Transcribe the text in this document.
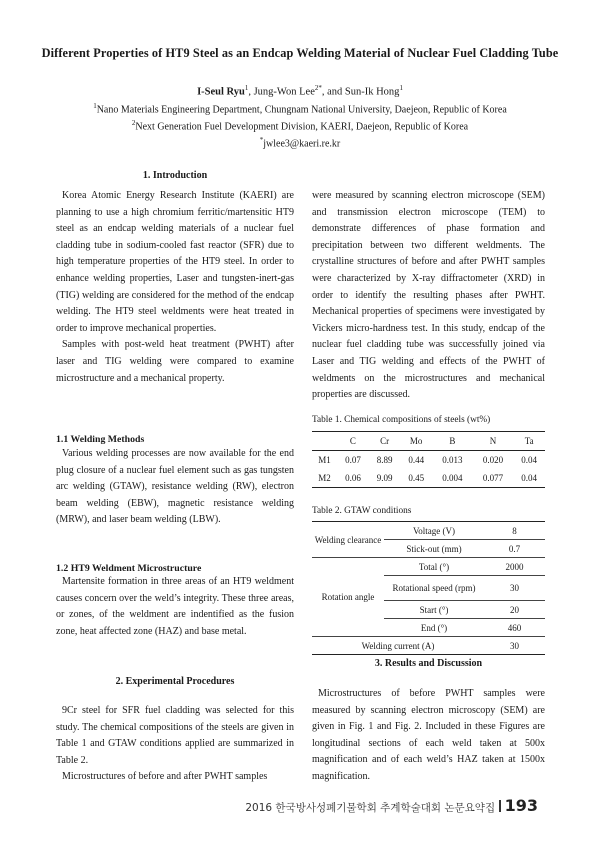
Different Properties of HT9 Steel as an Endcap Welding Material of Nuclear Fuel Cladding Tube
I-Seul Ryu$^1$, Jung-Won Lee$^{2*}$, and Sun-Ik Hong$^1$
$^1$Nano Materials Engineering Department, Chungnam National University, Daejeon, Republic of Korea
$^2$Next Generation Fuel Development Division, KAERI, Daejeon, Republic of Korea
*jwlee3@kaeri.re.kr
1. Introduction

Korea Atomic Energy Research Institute (KAERI) are planning to use a high chromium ferritic/martensitic HT9 steel as an endcap welding materials of a nuclear fuel cladding tube in sodium-cooled fast reactor (SFR) due to high temperature properties of the HT9 steel. In order to enhance welding properties, Laser and tungsten-inert-gas (TIG) welding are considered for the method of the endcap welding. The HT9 steel weldments were heat treated in order to improve mechanical properties.

Samples with post-weld heat treatment (PWHT) after laser and TIG welding were compared to examine microstructure and a mechanical property.

1.1 Welding Methods

Various welding processes are now available for the end plug closure of a nuclear fuel element such as gas tungsten arc welding (GTAW), resistance welding (RW), electron beam welding (EBW), magnetic resistance welding (MRW), and laser beam welding (LBW).

1.2 HT9 Weldment Microstructure

Martensite formation in three areas of an HT9 weldment causes concern over the weld’s integrity. These three areas, or zones, of the weldment are indentified as the fusion zone, heat affected zone (HAZ) and base metal.

2. Experimental Procedures

9Cr steel for SFR fuel cladding was selected for this study. The chemical compositions of the steels are given in Table 1 and GTAW conditions applied are summarized in Table 2.

Microstructures of before and after PWHT samples

were measured by scanning electron microscope (SEM) and transmission electron microscope (TEM) to demonstrate differences of phase formation and precipitation between two different weldments. The crystalline structures of before and after PWHT samples were characterized by X-ray diffractometer (XRD) in order to identify the resulting phases after PWHT. Mechanical properties of specimens were investigated by Vickers micro-hardness test. In this study, endcap of the nuclear fuel cladding tube was successfully joined via Laser and TIG welding and effects of the PWHT of weldments on the microstructures and mechanical properties are discussed.

Table 1. Chemical compositions of steels (wt%)
	C	Cr	Mo	B	N	Ta
M1	0.07	8.89	0.44	0.013	0.020	0.04
M2	0.06	9.09	0.45	0.004	0.077	0.04
Table 2. GTAW conditions
Welding clearance	Voltage (V)	8
	Stick-out (mm)	0.7
Rotation angle	Total (°)	2000
	Rotational speed (rpm)	30
	Start (°)	20
	End (°)	460
Welding current (A)		30
3. Results and Discussion

Microstructures of before PWHT samples were measured by scanning electron microscopy (SEM) are given in Fig. 1 and Fig. 2. Included in these Figures are longitudinal sections of each weld taken at 500x magnification and of each weld’s HAZ taken at 1500x magnification.

2016 한국방사성폐기물학회 추계학술대회 논문요약집 193
